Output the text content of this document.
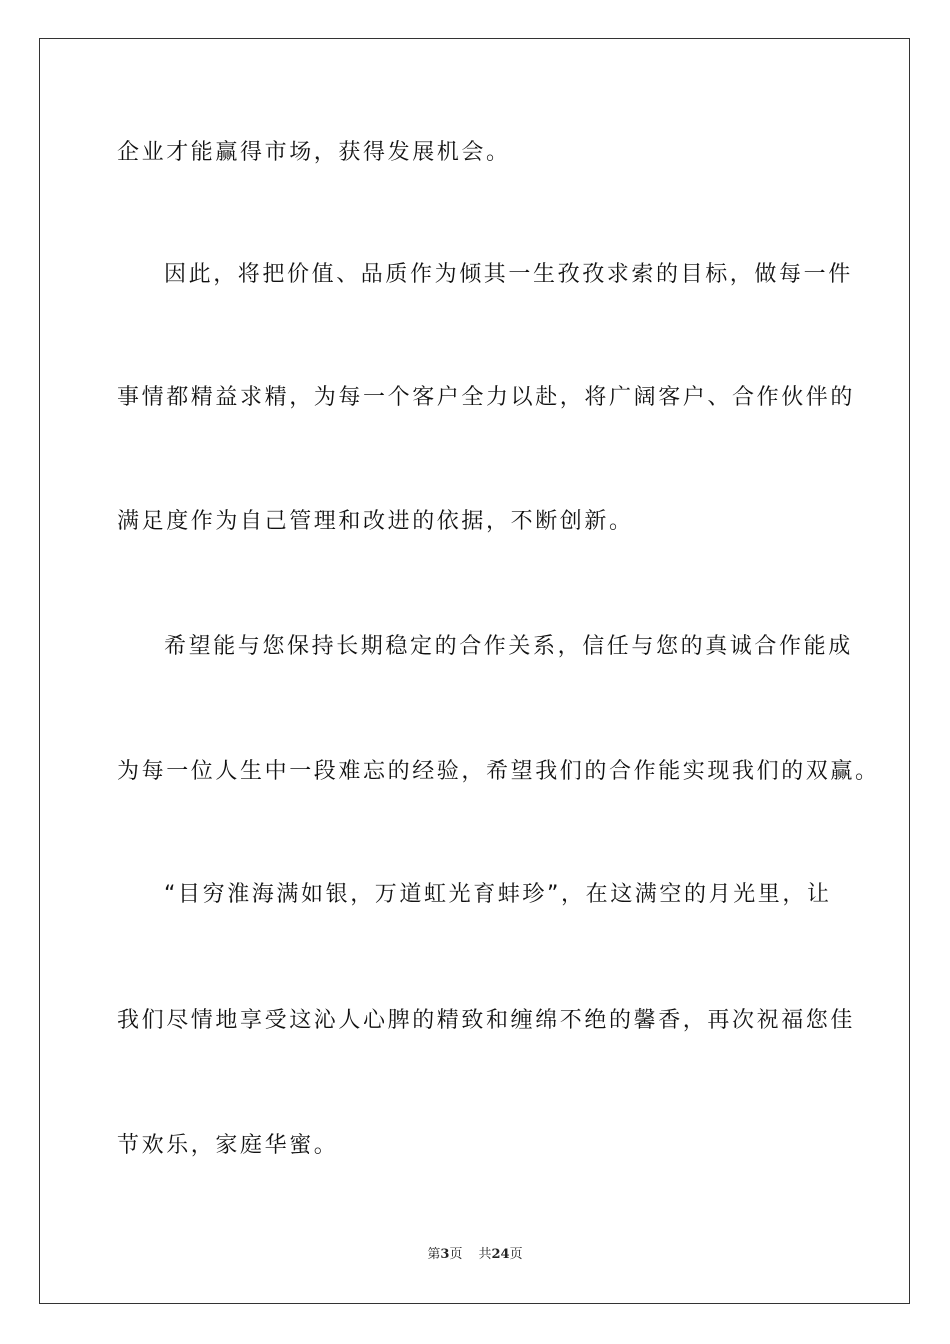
企业才能赢得市场，获得发展机会。
因此，将把价值、品质作为倾其一生孜孜求索的目标，做每一件
事情都精益求精，为每一个客户全力以赴，将广阔客户、合作伙伴的
满足度作为自己管理和改进的依据，不断创新。
希望能与您保持长期稳定的合作关系，信任与您的真诚合作能成
为每一位人生中一段难忘的经验，希望我们的合作能实现我们的双赢。
“目穷淮海满如银，万道虹光育蚌珍”，在这满空的月光里，让
我们尽情地享受这沁人心脾的精致和缠绵不绝的馨香，再次祝福您佳
节欢乐，家庭华蜜。
第3页 共24页
